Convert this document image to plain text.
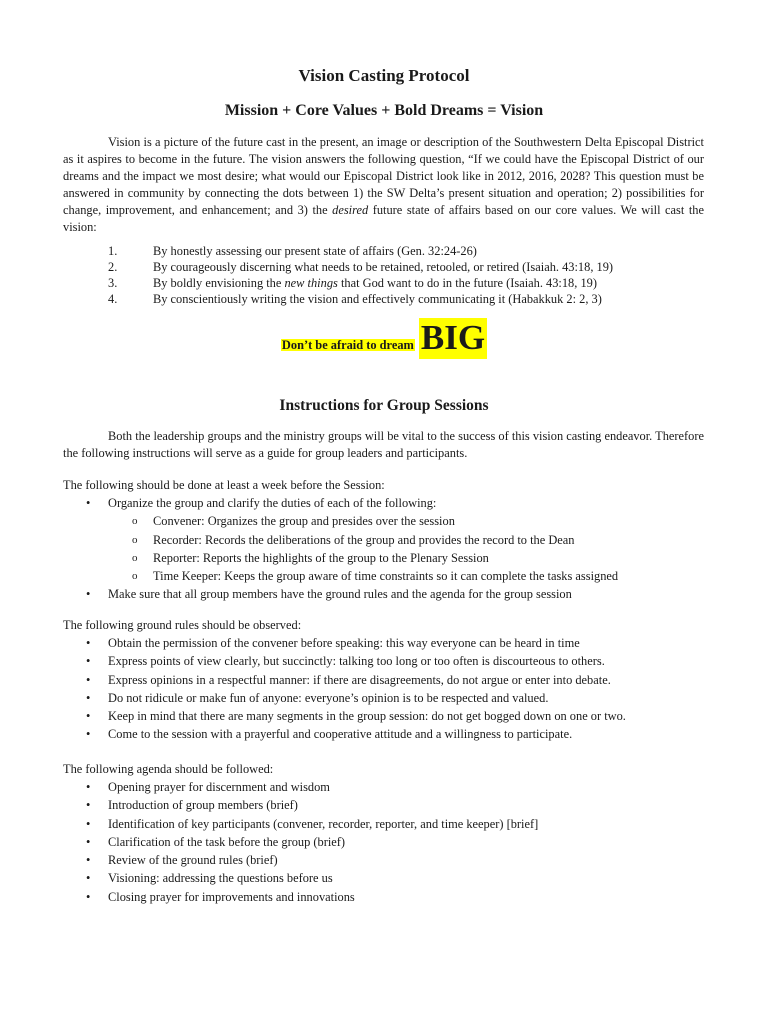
Vision Casting Protocol
Mission + Core Values + Bold Dreams = Vision

Vision is a picture of the future cast in the present, an image or description of the Southwestern Delta Episcopal District as it aspires to become in the future. The vision answers the following question, “If we could have the Episcopal District of our dreams and the impact we most desire; what would our Episcopal District look like in 2012, 2016, 2028? This question must be answered in community by connecting the dots between 1) the SW Delta’s present situation and operation; 2) possibilities for change, improvement, and enhancement; and 3) the desired future state of affairs based on our core values. We will cast the vision:

1.	By honestly assessing our present state of affairs (Gen. 32:24-26)
2.	By courageously discerning what needs to be retained, retooled, or retired (Isaiah. 43:18, 19)
3.	By boldly envisioning the new things that God want to do in the future (Isaiah. 43:18, 19)
4.	By conscientiously writing the vision and effectively communicating it (Habakkuk 2: 2, 3)
Don’t be afraid to dream BIG
Instructions for Group Sessions

Both the leadership groups and the ministry groups will be vital to the success of this vision casting endeavor. Therefore the following instructions will serve as a guide for group leaders and participants.

The following should be done at least a week before the Session:

• Organize the group and clarify the duties of each of the following:
o Convener: Organizes the group and presides over the session
o Recorder: Records the deliberations of the group and provides the record to the Dean
o Reporter: Reports the highlights of the group to the Plenary Session
o Time Keeper: Keeps the group aware of time constraints so it can complete the tasks assigned
• Make sure that all group members have the ground rules and the agenda for the group session

The following ground rules should be observed:

• Obtain the permission of the convener before speaking: this way everyone can be heard in time
• Express points of view clearly, but succinctly: talking too long or too often is discourteous to others.
• Express opinions in a respectful manner: if there are disagreements, do not argue or enter into debate.
• Do not ridicule or make fun of anyone: everyone’s opinion is to be respected and valued.
• Keep in mind that there are many segments in the group session: do not get bogged down on one or two.
• Come to the session with a prayerful and cooperative attitude and a willingness to participate.

The following agenda should be followed:

• Opening prayer for discernment and wisdom
• Introduction of group members (brief)
• Identification of key participants (convener, recorder, reporter, and time keeper) [brief]
• Clarification of the task before the group (brief)
• Review of the ground rules (brief)
• Visioning: addressing the questions before us
• Closing prayer for improvements and innovations
